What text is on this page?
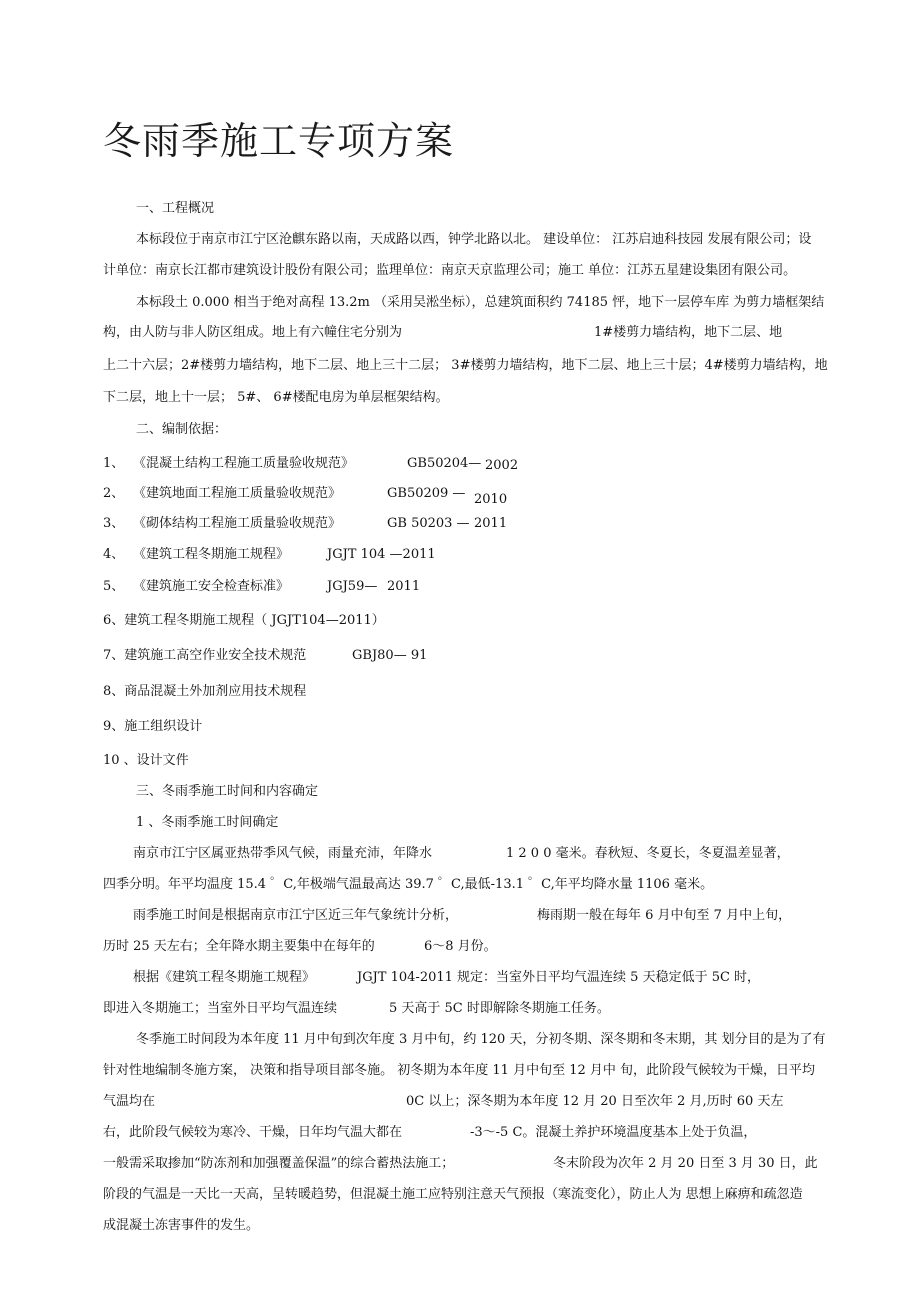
冬雨季施工专项方案
一、工程概况
本标段位于南京市江宁区沧麒东路以南，天成路以西，钟学北路以北。 建设单位： 江苏启迪科技园 发展有限公司；设
计单位：南京长江都市建筑设计股份有限公司；监理单位：南京天京监理公司；施工 单位：江苏五星建设集团有限公司。
本标段土 0.000 相当于绝对高程 13.2m （采用吴淞坐标），总建筑面积约 74185 怦，地下一层停车库 为剪力墙框架结
构，由人防与非人防区组成。地上有六幢住宅分别为	1#楼剪力墙结构，地下二层、地
上二十六层；2#楼剪力墙结构，地下二层、地上三十二层； 3#楼剪力墙结构，地下二层、地上三十层；4#楼剪力墙结构，地
下二层，地上十一层； 5#、 6#楼配电房为单层框架结构。
二、编制依据：
1、 《混凝土结构工程施工质量验收规范》	GB50204— 2002
2、 《建筑地面工程施工质量验收规范》	GB50209 — 2010
3、 《砌体结构工程施工质量验收规范》	GB 50203 — 2011
4、 《建筑工程冬期施工规程》	JGJT 104 —2011
5、 《建筑施工安全检查标准》	JGJ59— 2011
6、建筑工程冬期施工规程（ JGJT104—2011）
7、建筑施工高空作业安全技术规范	GBJ80— 91
8、商品混凝土外加剂应用技术规程
9、施工组织设计
10 、设计文件
三、冬雨季施工时间和内容确定
1 、冬雨季施工时间确定
南京市江宁区属亚热带季风气候，雨量充沛，年降水	1 2 0 0 毫米。春秋短、冬夏长，冬夏温差显著，
四季分明。年平均温度 15.4 ゜C,年极端气温最高达 39.7 ゜C,最低-13.1 ゜C,年平均降水量 1106 毫米。
雨季施工时间是根据南京市江宁区近三年气象统计分析，	梅雨期一般在每年 6 月中旬至 7 月中上旬，
历时 25 天左右；全年降水期主要集中在每年的	6～8 月份。
根据《建筑工程冬期施工规程》	JGJT 104-2011 规定：当室外日平均气温连续 5 天稳定低于 5C 时，
即进入冬期施工；当室外日平均气温连续	5 天高于 5C 时即解除冬期施工任务。
冬季施工时间段为本年度 11 月中旬到次年度 3 月中旬，约 120 天，分初冬期、深冬期和冬末期，其 划分目的是为了有
针对性地编制冬施方案， 决策和指导项目部冬施。 初冬期为本年度 11 月中旬至 12 月中 旬，此阶段气候较为干燥，日平均
气温均在	0C 以上；深冬期为本年度 12 月 20 日至次年 2 月,历时 60 天左
右，此阶段气候较为寒冷、干燥，日年均气温大都在	-3～-5 C。混凝土养护环境温度基本上处于负温，
一般需采取掺加“防冻剂和加强覆盖保温”的综合蓄热法施工；	冬末阶段为次年 2 月 20 日至 3 月 30 日，此
阶段的气温是一天比一天高，呈转暖趋势，但混凝土施工应特别注意天气预报（寒流变化），防止人为 思想上麻痹和疏忽造
成混凝土冻害事件的发生。
